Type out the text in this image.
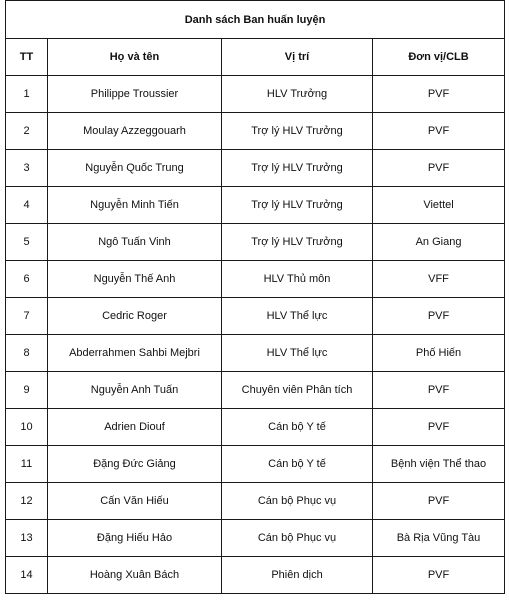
Danh sách Ban huấn luyện			
TT	Họ và tên	Vị trí	Đơn vị/CLB
1	Philippe Troussier	HLV Trưởng	PVF
2	Moulay Azzeggouarh	Trợ lý HLV Trưởng	PVF
3	Nguyễn Quốc Trung	Trợ lý HLV Trưởng	PVF
4	Nguyễn Minh Tiến	Trợ lý HLV Trưởng	Viettel
5	Ngô Tuấn Vinh	Trợ lý HLV Trưởng	An Giang
6	Nguyễn Thế Anh	HLV Thủ môn	VFF
7	Cedric Roger	HLV Thể lực	PVF
8	Abderrahmen Sahbi Mejbri	HLV Thể lực	Phố Hiến
9	Nguyễn Anh Tuấn	Chuyên viên Phân tích	PVF
10	Adrien Diouf	Cán bộ Y tế	PVF
11	Đặng Đức Giảng	Cán bộ Y tế	Bệnh viện Thể thao
12	Cấn Văn Hiếu	Cán bộ Phục vụ	PVF
13	Đặng Hiếu Hảo	Cán bộ Phục vụ	Bà Rịa Vũng Tàu
14	Hoàng Xuân Bách	Phiên dịch	PVF
